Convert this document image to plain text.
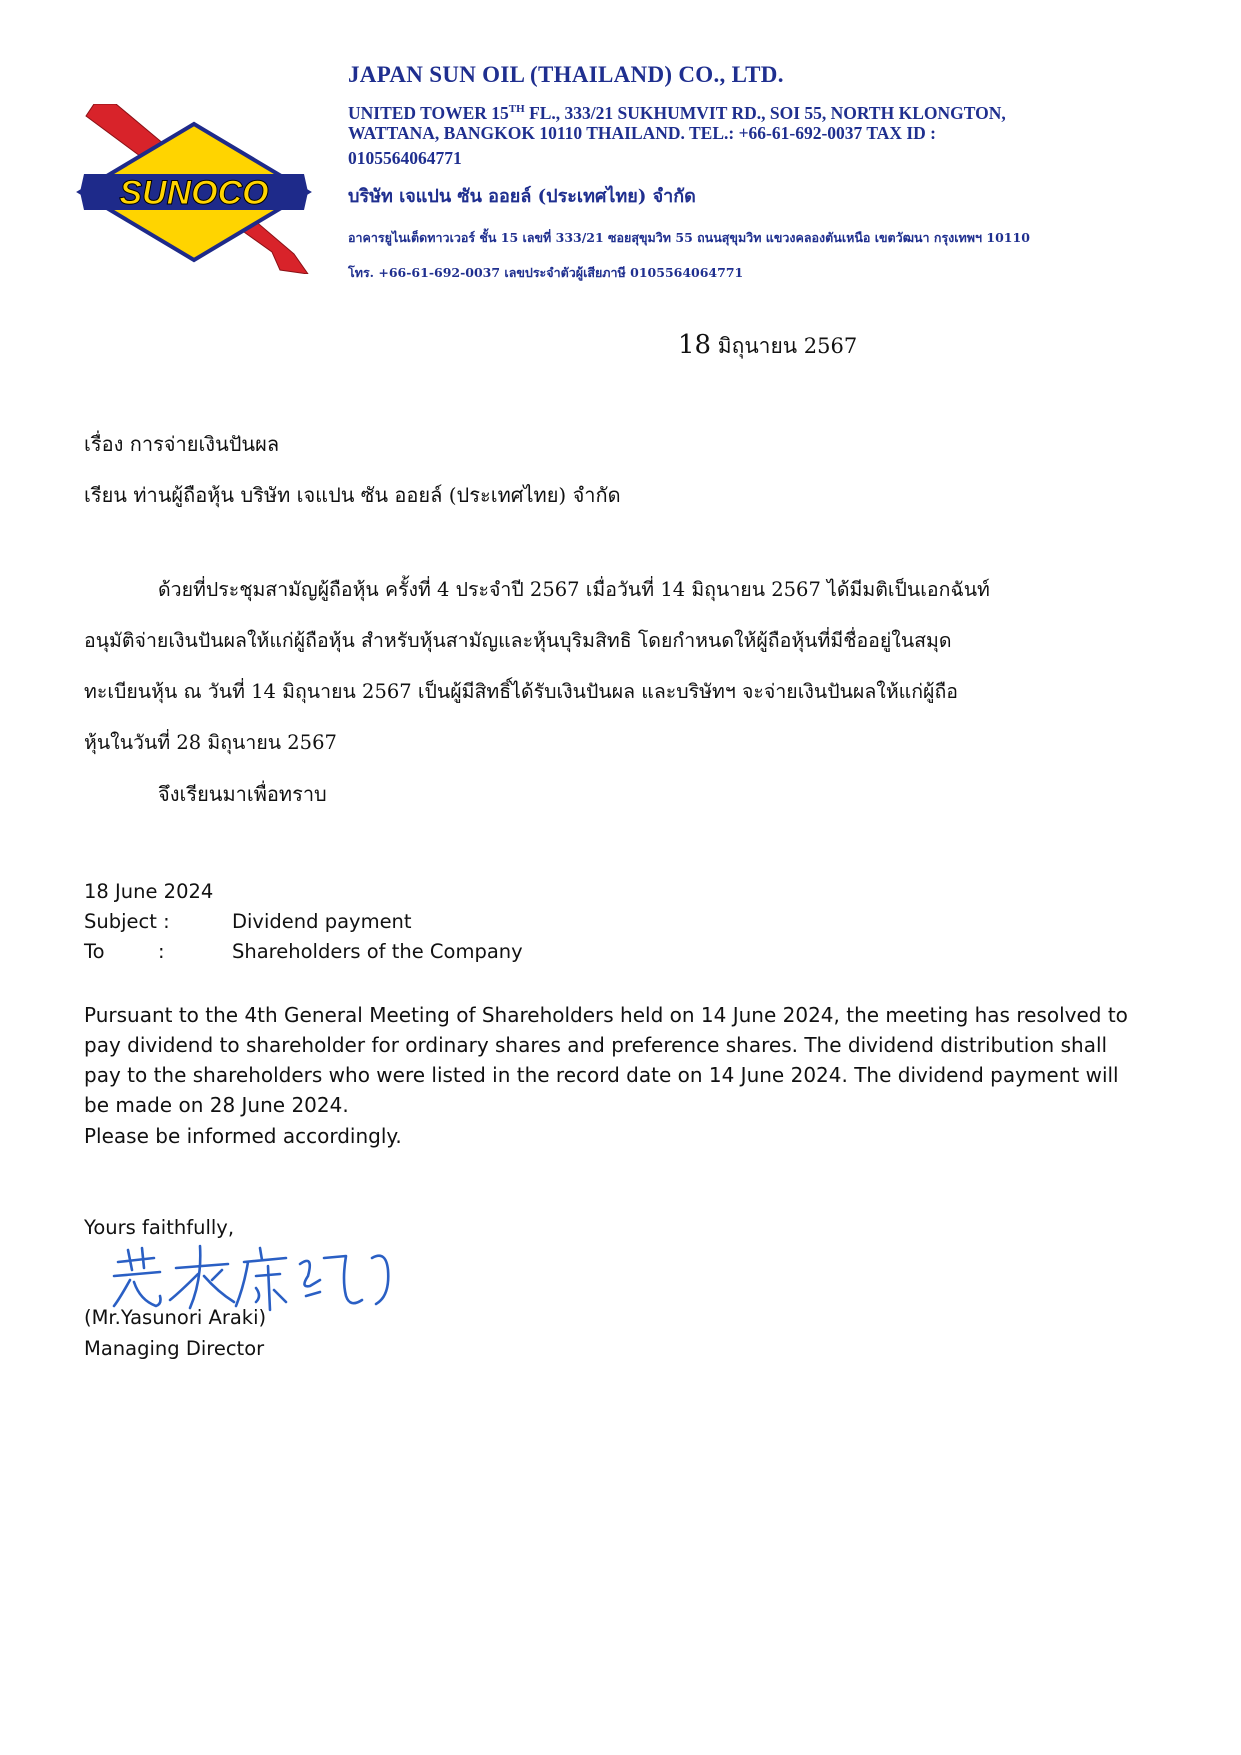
SUNOCO
JAPAN SUN OIL (THAILAND) CO., LTD.
UNITED TOWER 15TH FL., 333/21 SUKHUMVIT RD., SOI 55, NORTH KLONGTON,
WATTANA, BANGKOK 10110 THAILAND. TEL.: +66-61-692-0037 TAX ID :
0105564064771
บริษัท เจแปน ซัน ออยล์ (ประเทศไทย) จำกัด
อาคารยูไนเต็ดทาวเวอร์ ชั้น 15 เลขที่ 333/21 ซอยสุขุมวิท 55 ถนนสุขุมวิท แขวงคลองตันเหนือ เขตวัฒนา กรุงเทพฯ 10110
โทร. +66-61-692-0037 เลขประจำตัวผู้เสียภาษี 0105564064771
18 มิถุนายน 2567
เรื่อง การจ่ายเงินปันผล
เรียน ท่านผู้ถือหุ้น บริษัท เจแปน ซัน ออยล์ (ประเทศไทย) จำกัด
ด้วยที่ประชุมสามัญผู้ถือหุ้น ครั้งที่ 4 ประจำปี 2567 เมื่อวันที่ 14 มิถุนายน 2567 ได้มีมติเป็นเอกฉันท์
อนุมัติจ่ายเงินปันผลให้แก่ผู้ถือหุ้น สำหรับหุ้นสามัญและหุ้นบุริมสิทธิ โดยกำหนดให้ผู้ถือหุ้นที่มีชื่ออยู่ในสมุด
ทะเบียนหุ้น ณ วันที่ 14 มิถุนายน 2567 เป็นผู้มีสิทธิ์ได้รับเงินปันผล และบริษัทฯ จะจ่ายเงินปันผลให้แก่ผู้ถือ
หุ้นในวันที่ 28 มิถุนายน 2567
จึงเรียนมาเพื่อทราบ
18 June 2024
Subject :	Dividend payment
To	:	Shareholders of the Company
Pursuant to the 4th General Meeting of Shareholders held on 14 June 2024, the meeting has resolved to
pay dividend to shareholder for ordinary shares and preference shares. The dividend distribution shall
pay to the shareholders who were listed in the record date on 14 June 2024. The dividend payment will
be made on 28 June 2024.
Please be informed accordingly.
Yours faithfully,
(Mr.Yasunori Araki)
Managing Director
